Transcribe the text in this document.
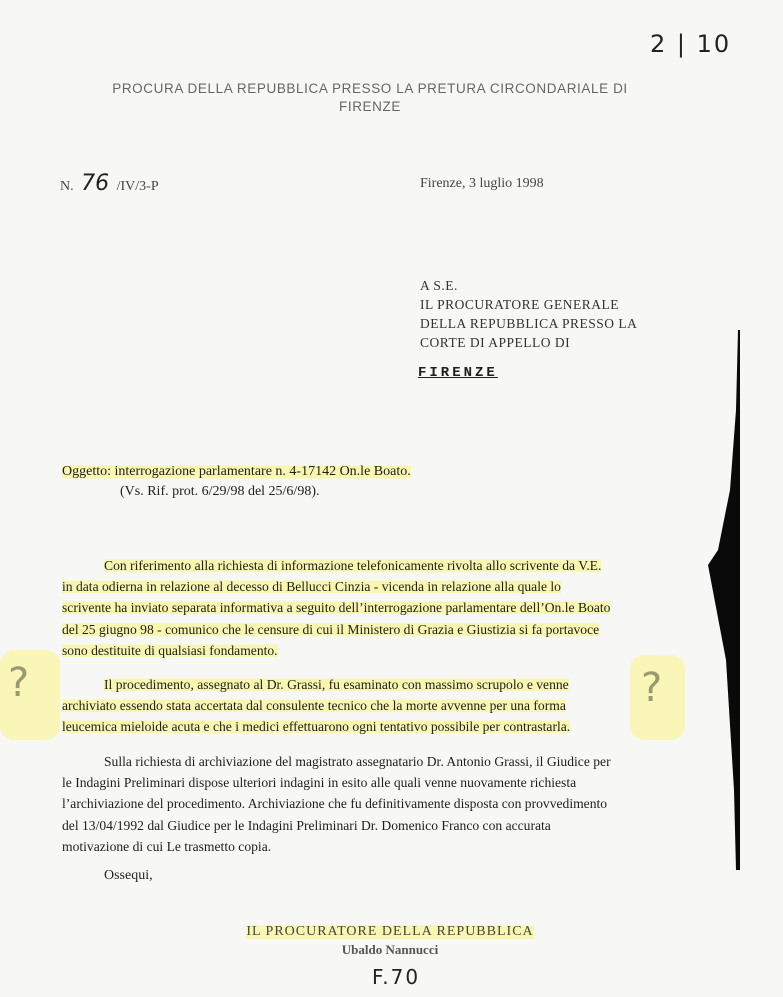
2 | 10
PROCURA DELLA REPUBBLICA PRESSO LA PRETURA CIRCONDARIALE DI
FIRENZE
N. 76 /IV/3-P	Firenze, 3 luglio 1998
A S.E.
IL PROCURATORE GENERALE
DELLA REPUBBLICA PRESSO LA
CORTE DI APPELLO DI
FIRENZE
Oggetto: interrogazione parlamentare n. 4-17142 On.le Boato.
(Vs. Rif. prot. 6/29/98 del 25/6/98).
?	?
Con riferimento alla richiesta di informazione telefonicamente rivolta allo scrivente da V.E.
in data odierna in relazione al decesso di Bellucci Cinzia - vicenda in relazione alla quale lo
scrivente ha inviato separata informativa a seguito dell’interrogazione parlamentare dell’On.le Boato
del 25 giugno 98 - comunico che le censure di cui il Ministero di Grazia e Giustizia si fa portavoce
sono destituite di qualsiasi fondamento.
Il procedimento, assegnato al Dr. Grassi, fu esaminato con massimo scrupolo e venne
archiviato essendo stata accertata dal consulente tecnico che la morte avvenne per una forma
leucemica mieloide acuta e che i medici effettuarono ogni tentativo possibile per contrastarla.
Sulla richiesta di archiviazione del magistrato assegnatario Dr. Antonio Grassi, il Giudice per
le Indagini Preliminari dispose ulteriori indagini in esito alle quali venne nuovamente richiesta
l’archiviazione del procedimento. Archiviazione che fu definitivamente disposta con provvedimento
del 13/04/1992 dal Giudice per le Indagini Preliminari Dr. Domenico Franco con accurata
motivazione di cui Le trasmetto copia.
Ossequi,
IL PROCURATORE DELLA REPUBBLICA
Ubaldo Nannucci
F.70
